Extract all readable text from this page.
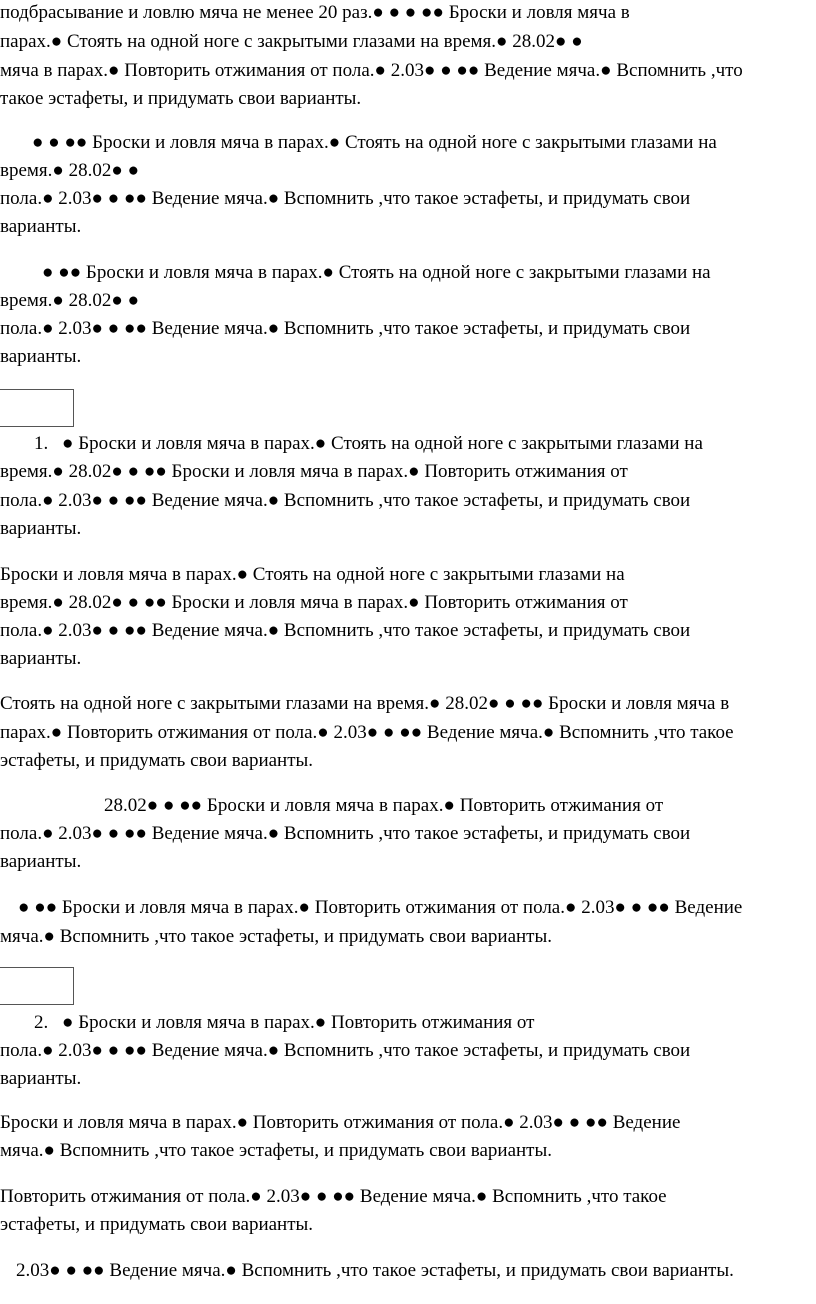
подбрасывание и ловлю мяча не менее 20 раз.● ● ● ●● Броски и ловля мяча в
парах.● Стоять на одной ноге с закрытыми глазами на время.● 28.02● ●
мяча в парах.● Повторить отжимания от пола.● 2.03● ● ●● Ведение мяча.● Вспомнить ,что
такое эстафеты, и придумать свои варианты.
● ● ●● Броски и ловля мяча в парах.● Стоять на одной ноге с закрытыми глазами на
время.● 28.02● ●
пола.● 2.03● ● ●● Ведение мяча.● Вспомнить ,что такое эстафеты, и придумать свои
варианты.
● ●● Броски и ловля мяча в парах.● Стоять на одной ноге с закрытыми глазами на
время.● 28.02● ●
пола.● 2.03● ● ●● Ведение мяча.● Вспомнить ,что такое эстафеты, и придумать свои
варианты.
1. ● Броски и ловля мяча в парах.● Стоять на одной ноге с закрытыми глазами на
время.● 28.02● ● ●● Броски и ловля мяча в парах.● Повторить отжимания от
пола.● 2.03● ● ●● Ведение мяча.● Вспомнить ,что такое эстафеты, и придумать свои
варианты.
Броски и ловля мяча в парах.● Стоять на одной ноге с закрытыми глазами на
время.● 28.02● ● ●● Броски и ловля мяча в парах.● Повторить отжимания от
пола.● 2.03● ● ●● Ведение мяча.● Вспомнить ,что такое эстафеты, и придумать свои
варианты.
Стоять на одной ноге с закрытыми глазами на время.● 28.02● ● ●● Броски и ловля мяча в
парах.● Повторить отжимания от пола.● 2.03● ● ●● Ведение мяча.● Вспомнить ,что такое
эстафеты, и придумать свои варианты.
28.02● ● ●● Броски и ловля мяча в парах.● Повторить отжимания от
пола.● 2.03● ● ●● Ведение мяча.● Вспомнить ,что такое эстафеты, и придумать свои
варианты.
● ●● Броски и ловля мяча в парах.● Повторить отжимания от пола.● 2.03● ● ●● Ведение
мяча.● Вспомнить ,что такое эстафеты, и придумать свои варианты.
2. ● Броски и ловля мяча в парах.● Повторить отжимания от
пола.● 2.03● ● ●● Ведение мяча.● Вспомнить ,что такое эстафеты, и придумать свои
варианты.
Броски и ловля мяча в парах.● Повторить отжимания от пола.● 2.03● ● ●● Ведение
мяча.● Вспомнить ,что такое эстафеты, и придумать свои варианты.
Повторить отжимания от пола.● 2.03● ● ●● Ведение мяча.● Вспомнить ,что такое
эстафеты, и придумать свои варианты.
2.03● ● ●● Ведение мяча.● Вспомнить ,что такое эстафеты, и придумать свои варианты.
